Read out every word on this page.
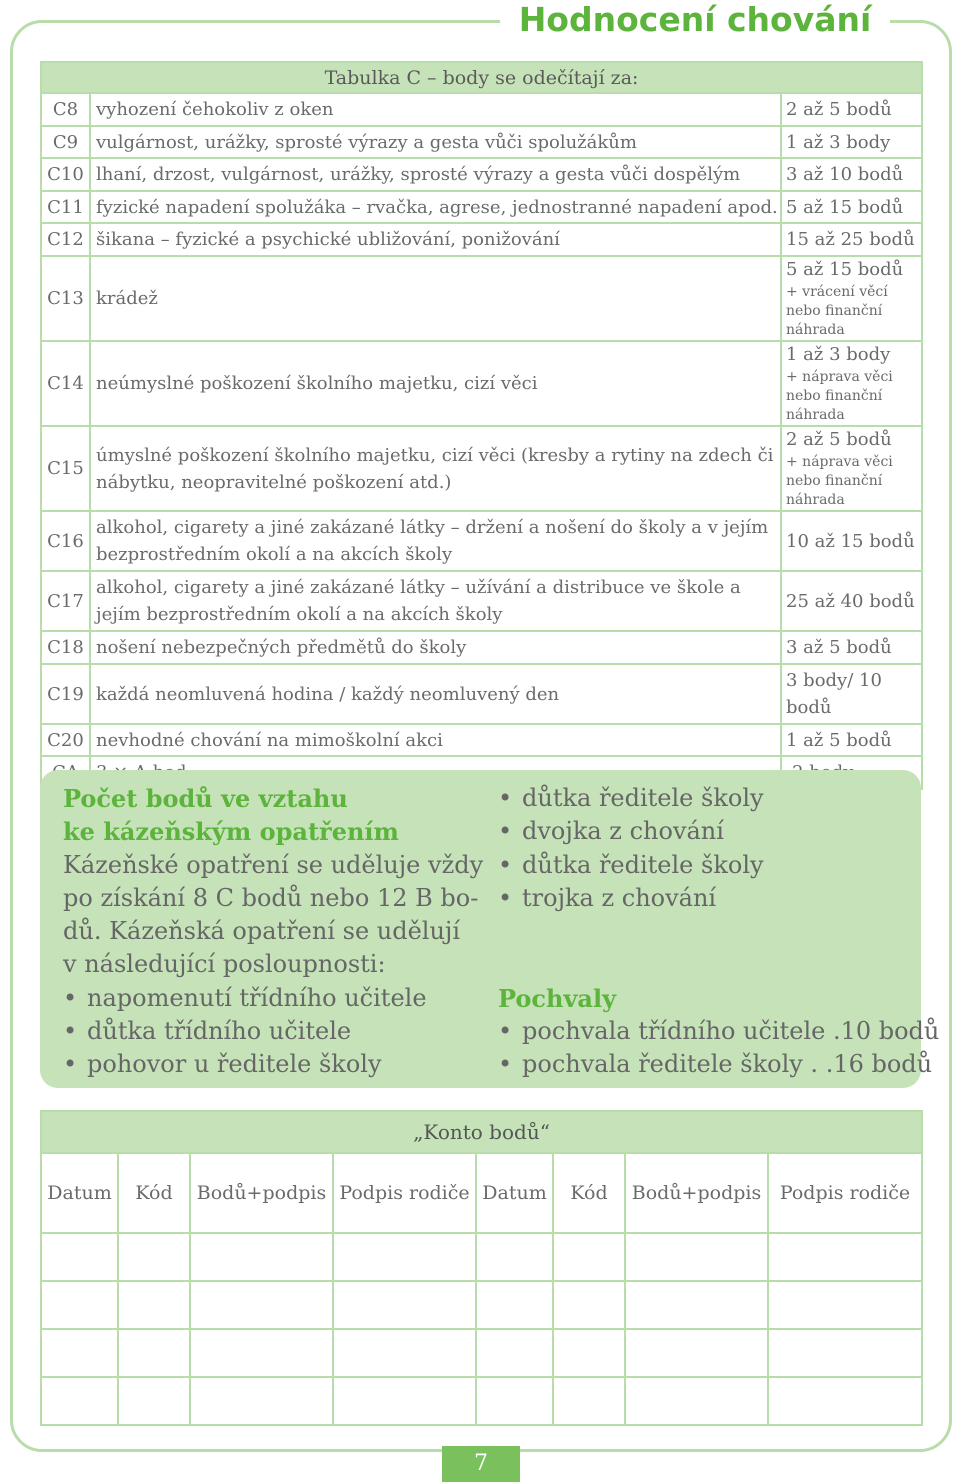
Hodnocení chování
Tabulka C – body se odečítají za:		
C8	vyhození čehokoliv z oken	2 až 5 bodů
C9	vulgárnost, urážky, sprosté výrazy a gesta vůči spolužákům	1 až 3 body
C10	lhaní, drzost, vulgárnost, urážky, sprosté výrazy a gesta vůči dospělým	3 až 10 bodů
C11	fyzické napadení spolužáka – rvačka, agrese, jednostranné napadení apod.	5 až 15 bodů
C12	šikana – fyzické a psychické ubližování, ponižování	15 až 25 bodů
C13	krádež	5 až 15 bodů
+ vrácení věcí nebo finanční náhrada

C14	neúmyslné poškození školního majetku, cizí věci	1 až 3 body
+ náprava věci nebo finanční náhrada

C15	úmyslné poškození školního majetku, cizí věci (kresby a rytiny na zdech či nábytku, neopravitelné poškození atd.)	2 až 5 bodů
+ náprava věci nebo finanční náhrada

C16	alkohol, cigarety a jiné zakázané látky – držení a nošení do školy a v jejím bezprostředním okolí a na akcích školy	10 až 15 bodů
C17	alkohol, cigarety a jiné zakázané látky – užívání a distribuce ve škole a jejím bezprostředním okolí a na akcích školy	25 až 40 bodů
C18	nošení nebezpečných předmětů do školy	3 až 5 bodů
C19	každá neomluvená hodina / každý neomluvený den	3 body/ 10 bodů
C20	nevhodné chování na mimoškolní akci	1 až 5 bodů

Počet bodů ve vztahu
ke kázeňským opatřením
Kázeňské opatření se uděluje vždy
po získání 8 C bodů nebo 12 B bo-
dů. Kázeňská opatření se udělují
v následující posloupnosti:
• napomenutí třídního učitele
• důtka třídního učitele
• pohovor u ředitele školy
• důtka ředitele školy
• dvojka z chování
• důtka ředitele školy
• trojka z chování
Pochvaly
• pochvala třídního učitele . 10 bodů
• pochvala ředitele školy . . 16 bodů
„Konto bodů“							
Datum	Kód	Bodů+podpis	Podpis rodiče	Datum	Kód	Bodů+podpis	Podpis rodiče

7
